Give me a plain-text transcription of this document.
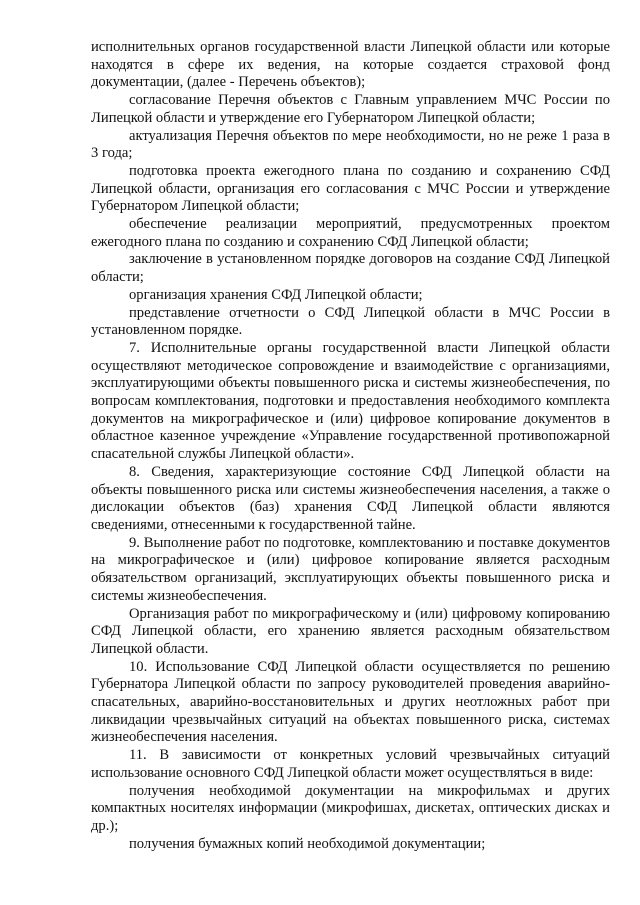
исполнительных органов государственной власти Липецкой области или которые находятся в сфере их ведения, на которые создается страховой фонд документации, (далее - Перечень объектов);

согласование Перечня объектов с Главным управлением МЧС России по Липецкой области и утверждение его Губернатором Липецкой области;

актуализация Перечня объектов по мере необходимости, но не реже 1 раза в 3 года;

подготовка проекта ежегодного плана по созданию и сохранению СФД Липецкой области, организация его согласования с МЧС России и утверждение Губернатором Липецкой области;

обеспечение реализации мероприятий, предусмотренных проектом ежегодного плана по созданию и сохранению СФД Липецкой области;

заключение в установленном порядке договоров на создание СФД Липецкой области;

организация хранения СФД Липецкой области;

представление отчетности о СФД Липецкой области в МЧС России в установленном порядке.

7. Исполнительные органы государственной власти Липецкой области осуществляют методическое сопровождение и взаимодействие с организациями, эксплуатирующими объекты повышенного риска и системы жизнеобеспечения, по вопросам комплектования, подготовки и предоставления необходимого комплекта документов на микрографическое и (или) цифровое копирование документов в областное казенное учреждение «Управление государственной противопожарной спасательной службы Липецкой области».

8. Сведения, характеризующие состояние СФД Липецкой области на объекты повышенного риска или системы жизнеобеспечения населения, а также о дислокации объектов (баз) хранения СФД Липецкой области являются сведениями, отнесенными к государственной тайне.

9. Выполнение работ по подготовке, комплектованию и поставке документов на микрографическое и (или) цифровое копирование является расходным обязательством организаций, эксплуатирующих объекты повышенного риска и системы жизнеобеспечения.

Организация работ по микрографическому и (или) цифровому копированию СФД Липецкой области, его хранению является расходным обязательством Липецкой области.

10. Использование СФД Липецкой области осуществляется по решению Губернатора Липецкой области по запросу руководителей проведения аварийно-спасательных, аварийно-восстановительных и других неотложных работ при ликвидации чрезвычайных ситуаций на объектах повышенного риска, системах жизнеобеспечения населения.

11. В зависимости от конкретных условий чрезвычайных ситуаций использование основного СФД Липецкой области может осуществляться в виде:

получения необходимой документации на микрофильмах и других компактных носителях информации (микрофишах, дискетах, оптических дисках и др.);

получения бумажных копий необходимой документации;
